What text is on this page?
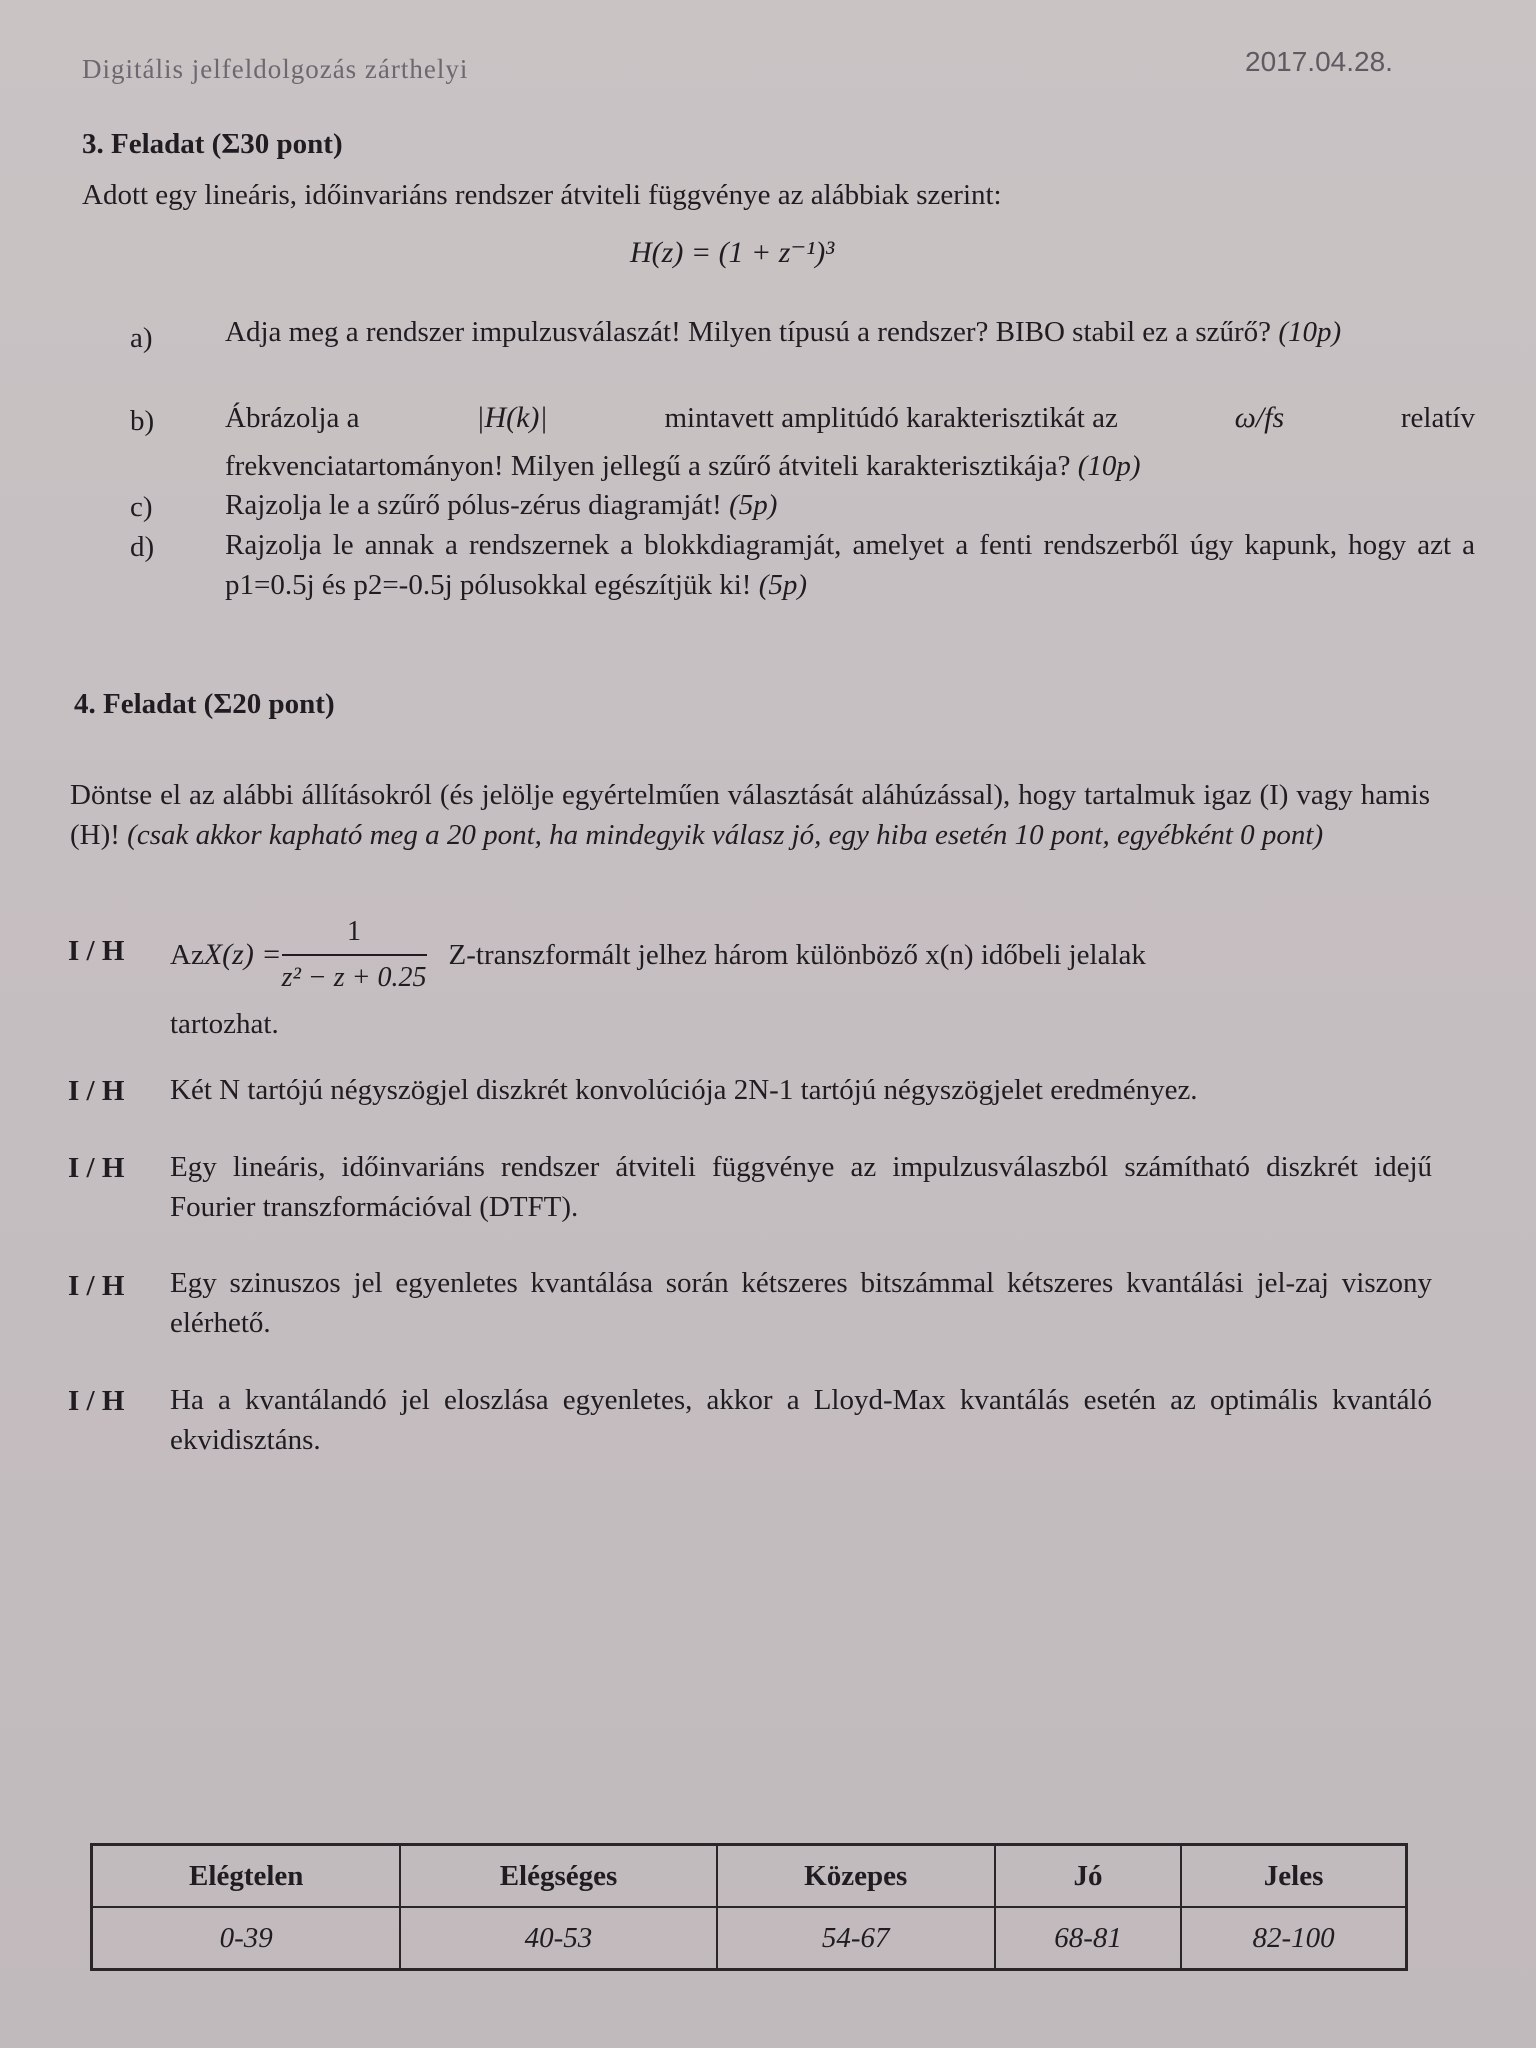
Digitális jelfeldolgozás zárthelyi	2017.04.28.
3. Feladat (Σ30 pont)
Adott egy lineáris, időinvariáns rendszer átviteli függvénye az alábbiak szerint:
H(z) = (1 + z⁻¹)³
a) Adja meg a rendszer impulzusválaszát! Milyen típusú a rendszer? BIBO stabil ez a szűrő? (10p)
b) Ábrázolja a	|H(k)|	mintavett amplitúdó karakterisztikát az	ω/fs	relatív
frekvenciatartományon! Milyen jellegű a szűrő átviteli karakterisztikája? (10p)
c) Rajzolja le a szűrő pólus-zérus diagramját! (5p)
d) Rajzolja le annak a rendszernek a blokkdiagramját, amelyet a fenti rendszerből úgy kapunk, hogy azt a p1=0.5j és p2=-0.5j pólusokkal egészítjük ki! (5p)
4. Feladat (Σ20 pont)
Döntse el az alábbi állításokról (és jelölje egyértelműen választását aláhúzással), hogy tartalmuk igaz (I) vagy hamis (H)! (csak akkor kapható meg a 20 pont, ha mindegyik válasz jó, egy hiba esetén 10 pont, egyébként 0 pont)
I / H Az $X(z) = \frac{1}{\text{z² − z + 0.25}}$ Z-transzformált jelhez három különböző x(n) időbeli jelalak
tartozhat.
I / H Két N tartójú négyszögjel diszkrét konvolúciója 2N-1 tartójú négyszögjelet eredményez.
I / H Egy lineáris, időinvariáns rendszer átviteli függvénye az impulzusválaszból számítható diszkrét idejű Fourier transzformációval (DTFT).
I / H Egy szinuszos jel egyenletes kvantálása során kétszeres bitszámmal kétszeres kvantálási jel-zaj viszony elérhető.
I / H Ha a kvantálandó jel eloszlása egyenletes, akkor a Lloyd-Max kvantálás esetén az optimális kvantáló ekvidisztáns.
Elégtelen	Elégséges	Közepes	Jó	Jeles
0-39	40-53	54-67	68-81	82-100
